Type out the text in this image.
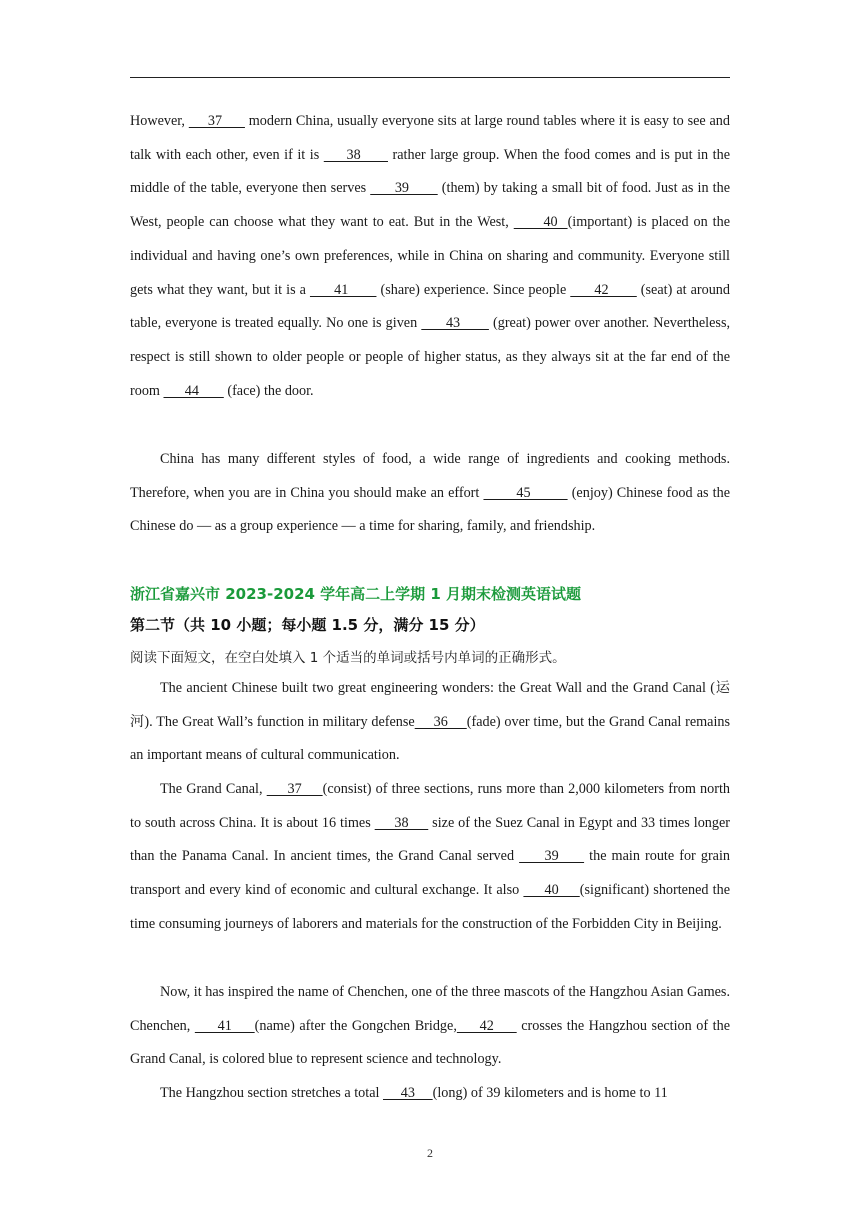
However,      37       modern China, usually everyone sits at large round tables where it is easy to see and talk with each other, even if it is      38       rather large group. When the food comes and is put in the middle of the table, everyone then serves       39        (them) by taking a small bit of food. Just as in the West, people can choose what they want to eat. But in the West,       40  (important) is placed on the individual and having one’s own preferences, while in China on sharing and community. Everyone still gets what they want, but it is a       41        (share) experience. Since people       42        (seat) at around table, everyone is treated equally. No one is given       43        (great) power over another. Nevertheless, respect is still shown to older people or people of higher status, as they always sit at the far end of the room       44        (face) the door.

China has many different styles of food, a wide range of ingredients and cooking methods. Therefore, when you are in China you should make an effort         45          (enjoy) Chinese food as the Chinese do — as a group experience — a time for sharing, family, and friendship.

浙江省嘉兴市 2023-2024 学年高二上学期 1 月期末检测英语试题

第二节（共 10 小题；每小题 1.5 分，满分 15 分）

阅读下面短文，在空白处填入 1 个适当的单词或括号内单词的正确形式。

The ancient Chinese built two great engineering wonders: the Great Wall and the Grand Canal (运河). The Great Wall’s function in military defense     36     (fade) over time, but the Grand Canal remains an important means of cultural communication.

The Grand Canal,      37     (consist) of three sections, runs more than 2,000 kilometers from north to south across China. It is about 16 times      38      size of the Suez Canal in Egypt and 33 times longer than the Panama Canal. In ancient times, the Grand Canal served      39      the main route for grain transport and every kind of economic and cultural exchange. It also      40     (significant) shortened the time consuming journeys of laborers and materials for the construction of the Forbidden City in Beijing.

Now, it has inspired the name of Chenchen, one of the three mascots of the Hangzhou Asian Games. Chenchen,      41     (name) after the Gongchen Bridge,     42      crosses the Hangzhou section of the Grand Canal, is colored blue to represent science and technology.

The Hangzhou section stretches a total      43     (long) of 39 kilometers and is home to 11

2
